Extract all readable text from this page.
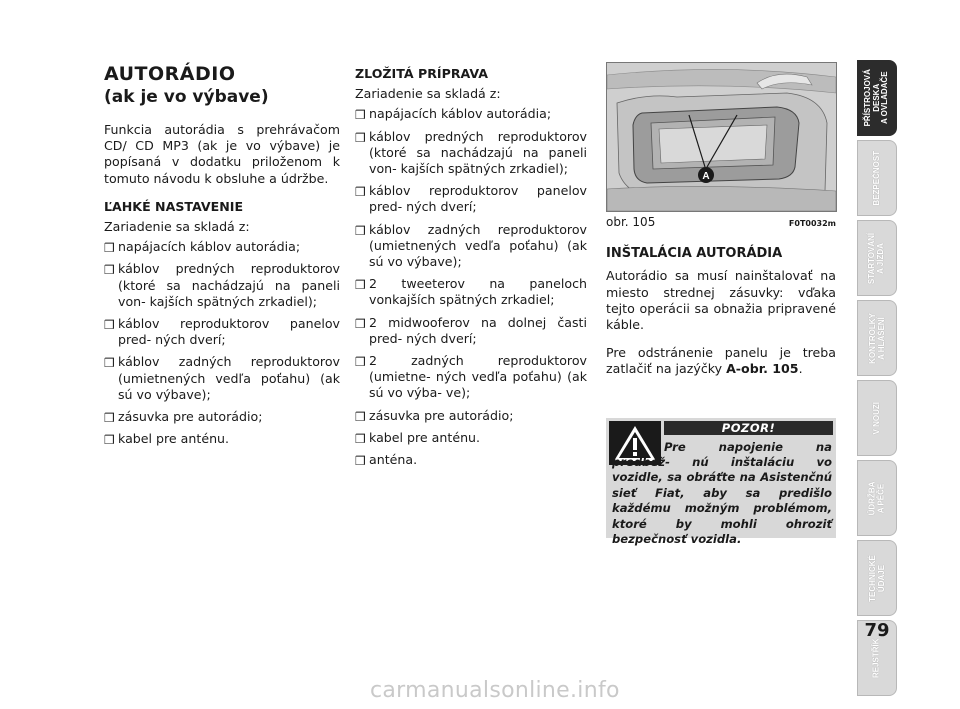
AUTORÁDIO
(ak je vo výbave)

Funkcia autorádia s prehrávačom CD/ CD MP3 (ak je vo výbave) je popísaná v dodatku priloženom k tomuto návodu k obsluhe a údržbe.

ĽAHKÉ NASTAVENIE

Zariadenie sa skladá z:

❒ napájacích káblov autorádia;
❒ káblov predných reproduktorov (ktoré sa nachádzajú na paneli von- kajších spätných zrkadiel);
❒ káblov reproduktorov panelov pred- ných dverí;
❒ káblov zadných reproduktorov (umietnených vedľa poťahu) (ak sú vo výbave);
❒ zásuvka pre autorádio;
❒ kabel pre anténu.
ZLOŽITÁ PRÍPRAVA

Zariadenie sa skladá z:

❒ napájacích káblov autorádia;
❒ káblov predných reproduktorov (ktoré sa nachádzajú na paneli von- kajších spätných zrkadiel);
❒ káblov reproduktorov panelov pred- ných dverí;
❒ káblov zadných reproduktorov (umietnených vedľa poťahu) (ak sú vo výbave);
❒ 2 tweeterov na paneloch vonkajších spätných zrkadiel;
❒ 2 midwooferov na dolnej časti pred- ných dverí;
❒ 2 zadných reproduktorov (umietne- ných vedľa poťahu) (ak sú vo výba- ve);
❒ zásuvka pre autorádio;
❒ kabel pre anténu.
❒ anténa.
A
obr. 105	F0T0032m
INŠTALÁCIA AUTORÁDIA

Autorádio sa musí nainštalovať na miesto strednej zásuvky: vďaka tejto operácii sa obnažia pripravené káble.

Pre odstránenie panelu je treba zatlačiť na jazýčky A-obr. 105.

POZOR!
Pre napojenie na predbež- nú inštaláciu vo vozidle, sa obráťte na Asistenčnú sieť Fiat, aby sa predišlo každému možným problémom, ktoré by mohli ohroziť bezpečnosť vozidla.
PŘÍSTROJOVÁ
DESKA
A OVLADAČE
BEZPEČNOST
STARTOVÁNÍ
A JÍZDA
KONTROLKY
A HLÁŠENÍ
V NOUZI
ÚDRŽBA
A PÉČE
TECHNICKÉ
ÚDAJE
REJSTŘÍK
79
carmanualsonline.info
